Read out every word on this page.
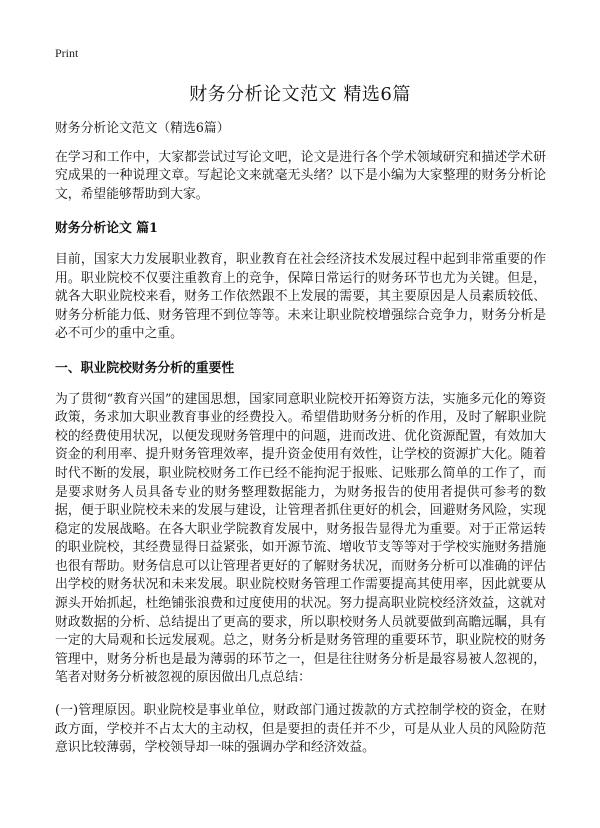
Print
财务分析论文范文 精选6篇

财务分析论文范文（精选6篇）

在学习和工作中，大家都尝试过写论文吧，论文是进行各个学术领域研究和描述学术研究成果的一种说理文章。写起论文来就毫无头绪？以下是小编为大家整理的财务分析论文，希望能够帮助到大家。

财务分析论文 篇1

目前，国家大力发展职业教育，职业教育在社会经济技术发展过程中起到非常重要的作用。职业院校不仅要注重教育上的竞争，保障日常运行的财务环节也尤为关键。但是，就各大职业院校来看，财务工作依然跟不上发展的需要，其主要原因是人员素质较低、财务分析能力低、财务管理不到位等等。未来让职业院校增强综合竞争力，财务分析是必不可少的重中之重。

一、职业院校财务分析的重要性

为了贯彻“教育兴国”的建国思想，国家同意职业院校开拓筹资方法，实施多元化的筹资政策，务求加大职业教育事业的经费投入。希望借助财务分析的作用，及时了解职业院校的经费使用状况，以便发现财务管理中的问题，进而改进、优化资源配置，有效加大资金的利用率、提升财务管理效率，提升资金使用有效性，让学校的资源扩大化。随着时代不断的发展，职业院校财务工作已经不能拘泥于报账、记账那么简单的工作了，而是要求财务人员具备专业的财务整理数据能力，为财务报告的使用者提供可参考的数据，便于职业院校未来的发展与建设，让管理者抓住更好的机会，回避财务风险，实现稳定的发展战略。在各大职业学院教育发展中，财务报告显得尤为重要。对于正常运转的职业院校，其经费显得日益紧张，如开源节流、增收节支等等对于学校实施财务措施也很有帮助。财务信息可以让管理者更好的了解财务状况，而财务分析可以准确的评估出学校的财务状况和未来发展。职业院校财务管理工作需要提高其使用率，因此就要从源头开始抓起，杜绝铺张浪费和过度使用的状况。努力提高职业院校经济效益，这就对财政数据的分析、总结提出了更高的要求，所以职校财务人员就要做到高瞻远瞩，具有一定的大局观和长远发展观。总之，财务分析是财务管理的重要环节，职业院校的财务管理中，财务分析也是最为薄弱的环节之一，但是往往财务分析是最容易被人忽视的，笔者对财务分析被忽视的原因做出几点总结：

(一)管理原因。职业院校是事业单位，财政部门通过拨款的方式控制学校的资金，在财政方面，学校并不占太大的主动权，但是要担的责任并不少，可是从业人员的风险防范意识比较薄弱，学校领导却一味的强调办学和经济效益。
